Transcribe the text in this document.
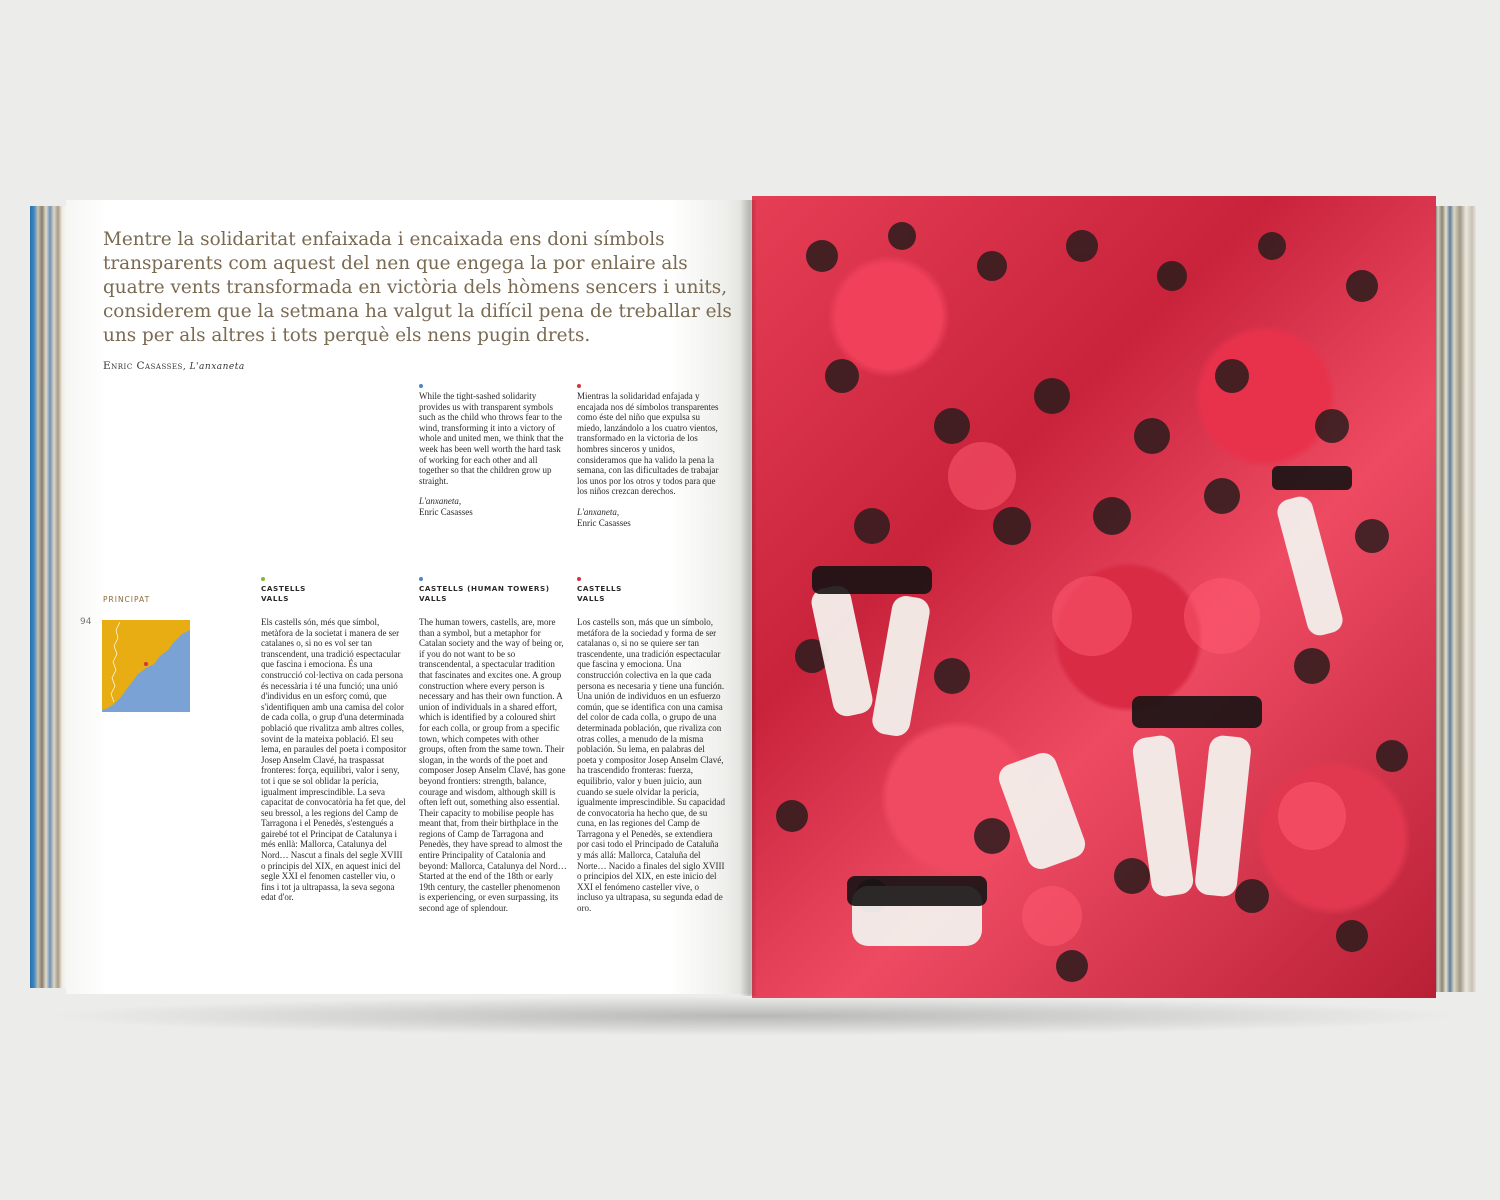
Mentre la solidaritat enfaixada i encaixada ens doni símbols transparents com aquest del nen que engega la por enlaire als quatre vents transformada en victòria dels hòmens sencers i units, considerem que la setmana ha valgut la difícil pena de treballar els uns per als altres i tots perquè els nens pugin drets.

Enric Casasses, L'anxaneta

While the tight-sashed solidarity provides us with transparent symbols such as the child who throws fear to the wind, transforming it into a victory of whole and united men, we think that the week has been well worth the hard task of working for each other and all together so that the children grow up straight.

L'anxaneta,
Enric Casasses

Mientras la solidaridad enfajada y encajada nos dé símbolos transparentes como éste del niño que expulsa su miedo, lanzándolo a los cuatro vientos, transformado en la victoria de los hombres sinceros y unidos, consideramos que ha valido la pena la semana, con las dificultades de trabajar los unos por los otros y todos para que los niños crezcan derechos.

L'anxaneta,
Enric Casasses
PRINCIPAT
94
CASTELLS
VALLS

Els castells són, més que símbol, metàfora de la societat i manera de ser catalanes o, si no es vol ser tan transcendent, una tradició espectacular que fascina i emociona. És una construcció col·lectiva on cada persona és necessària i té una funció; una unió d'individus en un esforç comú, que s'identifiquen amb una camisa del color de cada colla, o grup d'una determinada població que rivalitza amb altres colles, sovint de la mateixa població. El seu lema, en paraules del poeta i compositor Josep Anselm Clavé, ha traspassat fronteres: força, equilibri, valor i seny, tot i que se sol oblidar la perícia, igualment imprescindible. La seva capacitat de convocatòria ha fet que, del seu bressol, a les regions del Camp de Tarragona i el Penedès, s'estengués a gairebé tot el Principat de Catalunya i més enllà: Mallorca, Catalunya del Nord… Nascut a finals del segle XVIII o principis del XIX, en aquest inici del segle XXI el fenomen casteller viu, o fins i tot ja ultrapassa, la seva segona edat d'or.

CASTELLS (HUMAN TOWERS)
VALLS

The human towers, castells, are, more than a symbol, but a metaphor for Catalan society and the way of being or, if you do not want to be so transcendental, a spectacular tradition that fascinates and excites one. A group construction where every person is necessary and has their own function. A union of individuals in a shared effort, which is identified by a coloured shirt for each colla, or group from a specific town, which competes with other groups, often from the same town. Their slogan, in the words of the poet and composer Josep Anselm Clavé, has gone beyond frontiers: strength, balance, courage and wisdom, although skill is often left out, something also essential. Their capacity to mobilise people has meant that, from their birthplace in the regions of Camp de Tarragona and Penedès, they have spread to almost the entire Principality of Catalonia and beyond: Mallorca, Catalunya del Nord… Started at the end of the 18th or early 19th century, the casteller phenomenon is experiencing, or even surpassing, its second age of splendour.

CASTELLS
VALLS

Los castells son, más que un símbolo, metáfora de la sociedad y forma de ser catalanas o, si no se quiere ser tan trascendente, una tradición espectacular que fascina y emociona. Una construcción colectiva en la que cada persona es necesaria y tiene una función. Una unión de individuos en un esfuerzo común, que se identifica con una camisa del color de cada colla, o grupo de una determinada población, que rivaliza con otras colles, a menudo de la misma población. Su lema, en palabras del poeta y compositor Josep Anselm Clavé, ha trascendido fronteras: fuerza, equilibrio, valor y buen juicio, aun cuando se suele olvidar la pericia, igualmente imprescindible. Su capacidad de convocatoria ha hecho que, de su cuna, en las regiones del Camp de Tarragona y el Penedès, se extendiera por casi todo el Principado de Cataluña y más allá: Mallorca, Cataluña del Norte… Nacido a finales del siglo XVIII o principios del XIX, en este inicio del XXI el fenómeno casteller vive, o incluso ya ultrapasa, su segunda edad de oro.
